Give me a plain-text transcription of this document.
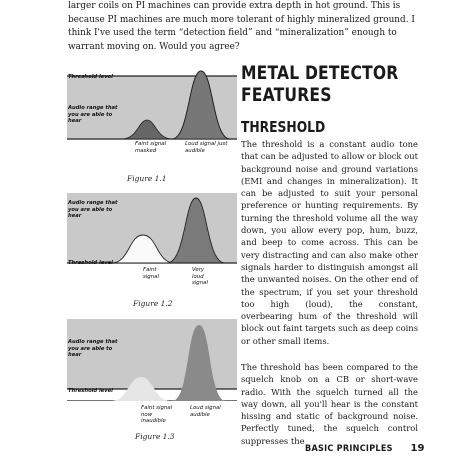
larger coils on PI machines can provide extra depth in hot ground. This is because PI machines are much more tolerant of highly mineralized ground. I think I've used the term “detection field” and “mineralization” enough to warrant moving on. Would you agree?

Threshold level
Audio range that you are able to hear
Faint signal masked
Loud signal just audible
Figure 1.1
Audio range that you are able to hear
Threshold level
Faint signal
Very loud signal
Figure 1.2
Audio range that you are able to hear
Threshold level
Faint signal now inaudible
Loud signal audible
Figure 1.3
METAL DETECTOR FEATURES
THRESHOLD

The threshold is a constant audio tone that can be adjusted to allow or block out background noise and ground variations (EMI and changes in mineralization). It can be adjusted to suit your personal preference or hunting requirements. By turning the threshold volume all the way down, you allow every pop, hum, buzz, and beep to come across. This can be very distracting and can also make other signals harder to distinguish amongst all the unwanted noises. On the other end of the spectrum, if you set your threshold too high (loud), the constant, overbearing hum of the threshold will block out faint targets such as deep coins or other small items.

The threshold has been compared to the squelch knob on a CB or short-wave radio. With the squelch turned all the way down, all you'll hear is the constant hissing and static of background noise. Perfectly tuned, the squelch control suppresses the

BASIC PRINCIPLES 19
